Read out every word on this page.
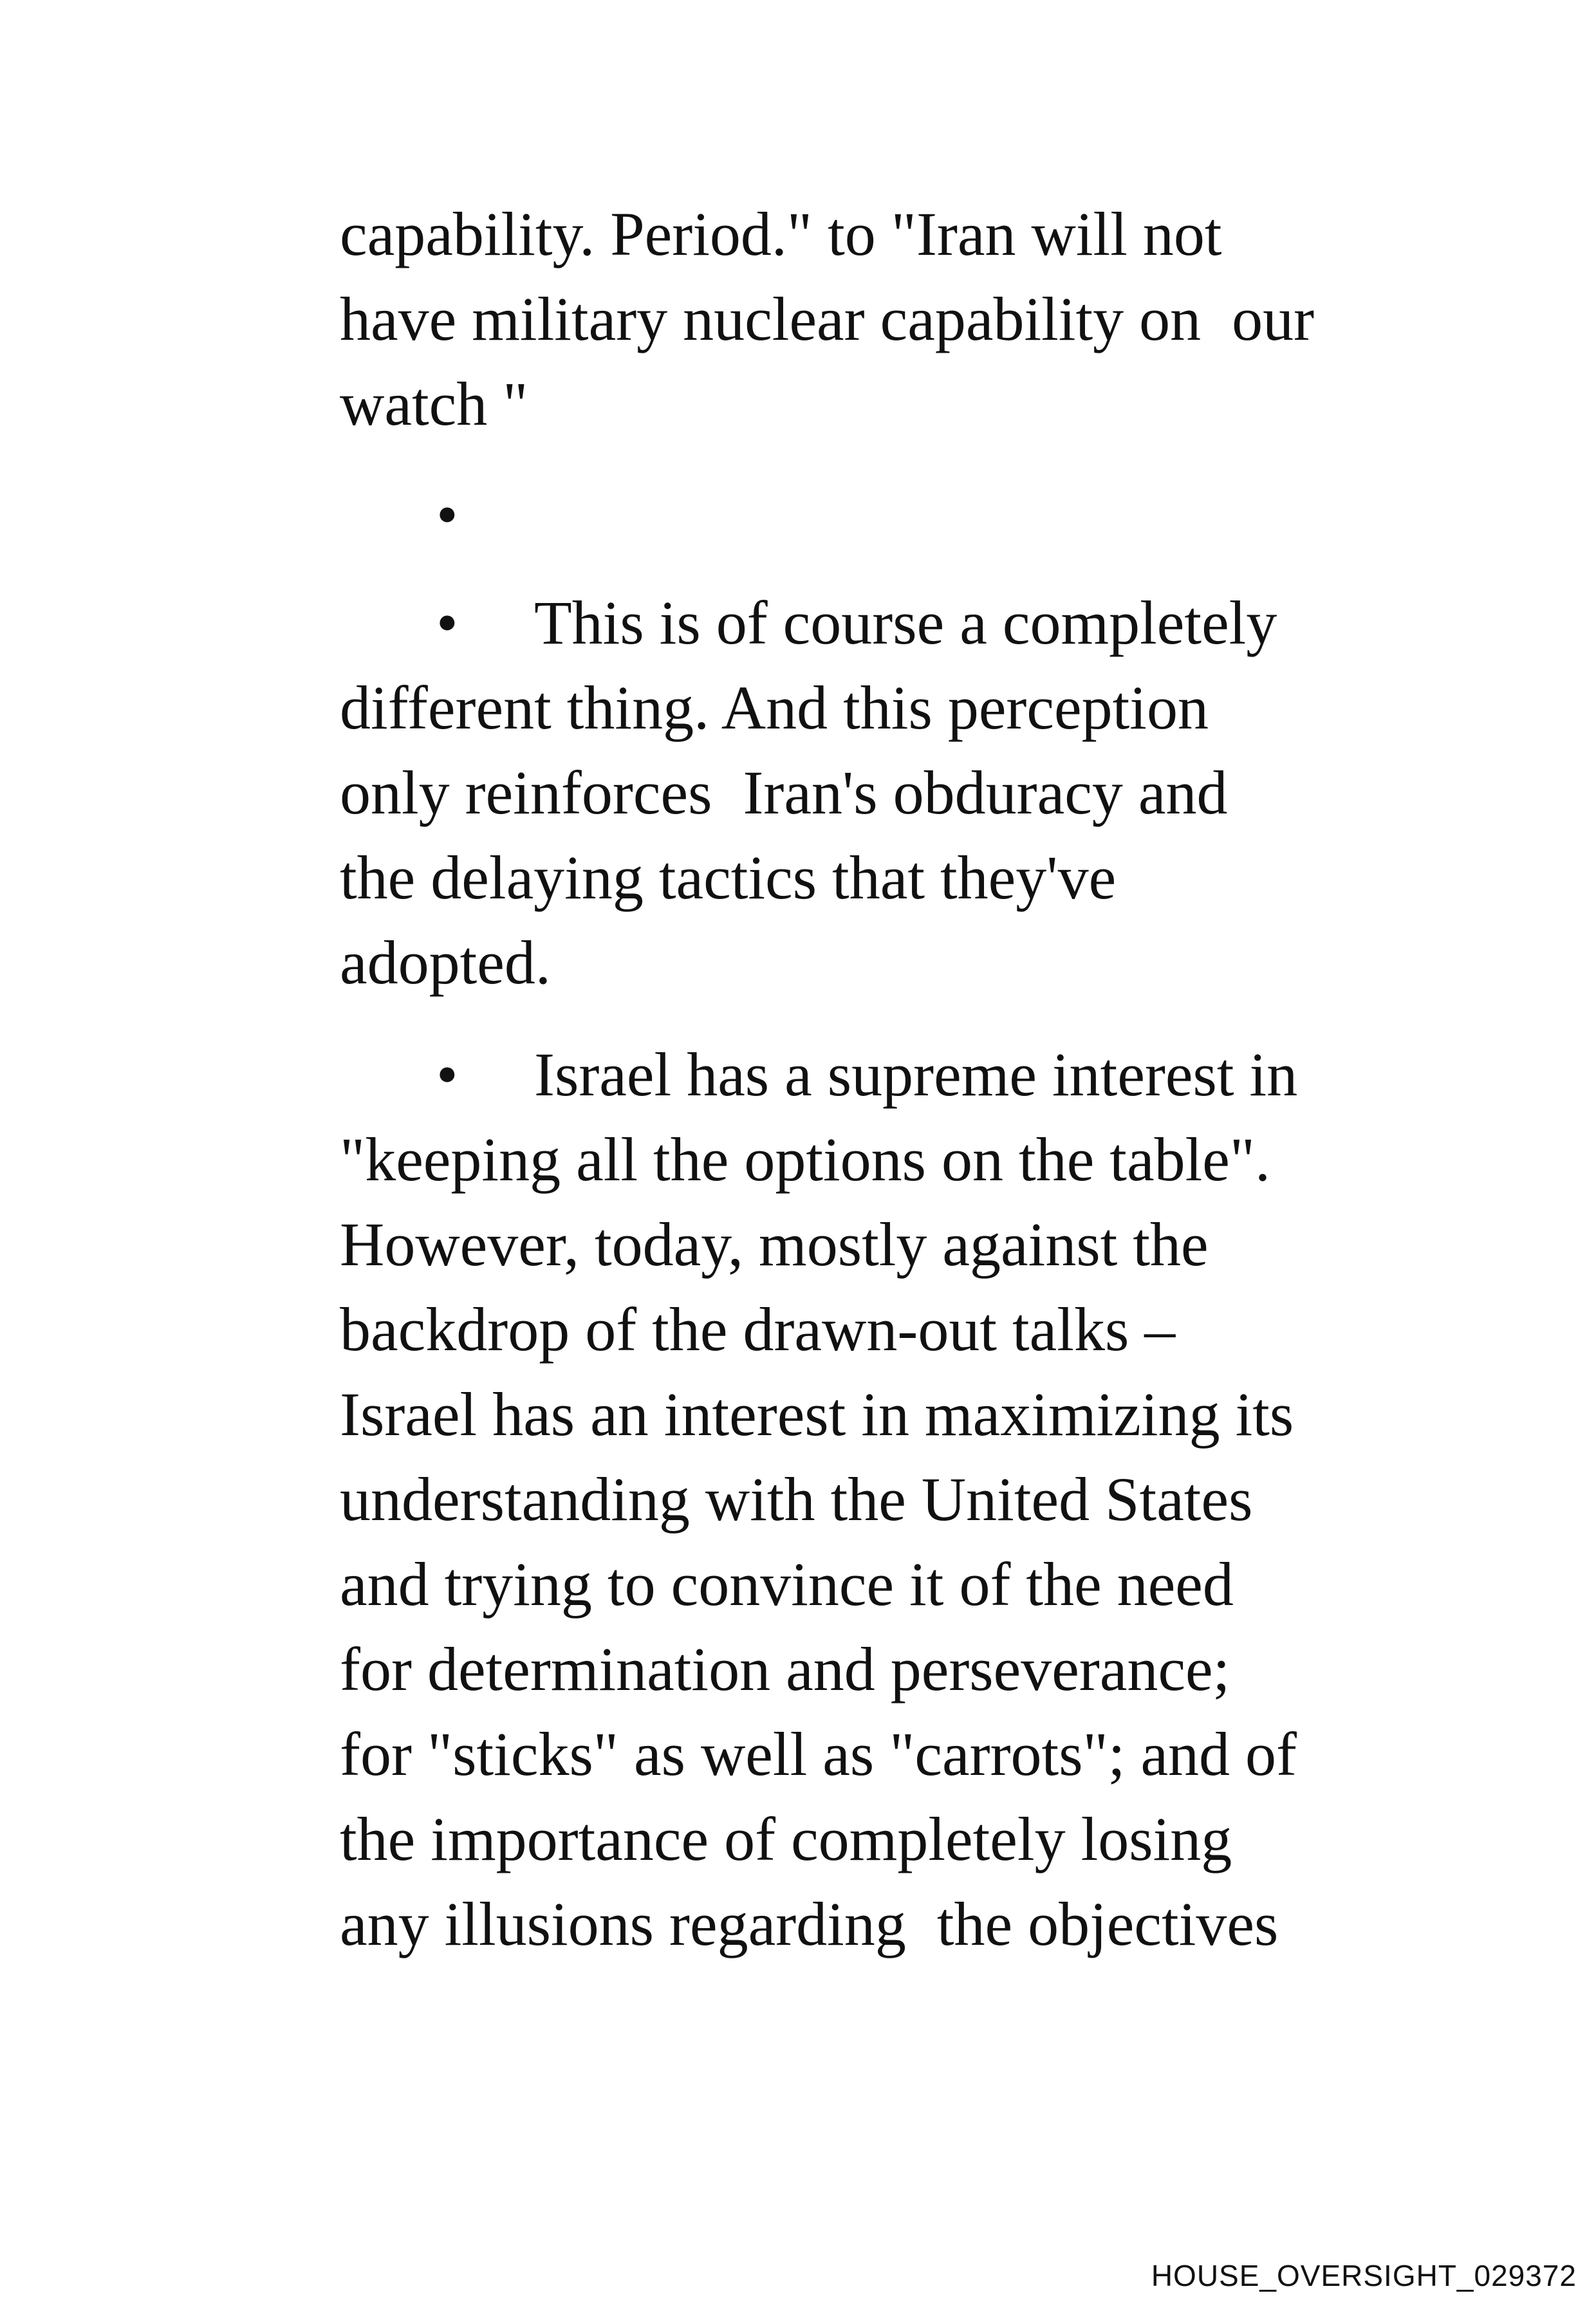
capability. Period." to "Iran will not
have military nuclear capability on  our
watch "

•

•

This is of course a completely

different thing. And this perception
only reinforces  Iran's obduracy and
the delaying tactics that they've
adopted.

•

Israel has a supreme interest in

"keeping all the options on the table".
However, today, mostly against the
backdrop of the drawn-out talks –
Israel has an interest in maximizing its
understanding with the United States
and trying to convince it of the need
for determination and perseverance;
for "sticks" as well as "carrots"; and of
the importance of completely losing
any illusions regarding  the objectives
HOUSE_OVERSIGHT_029372
